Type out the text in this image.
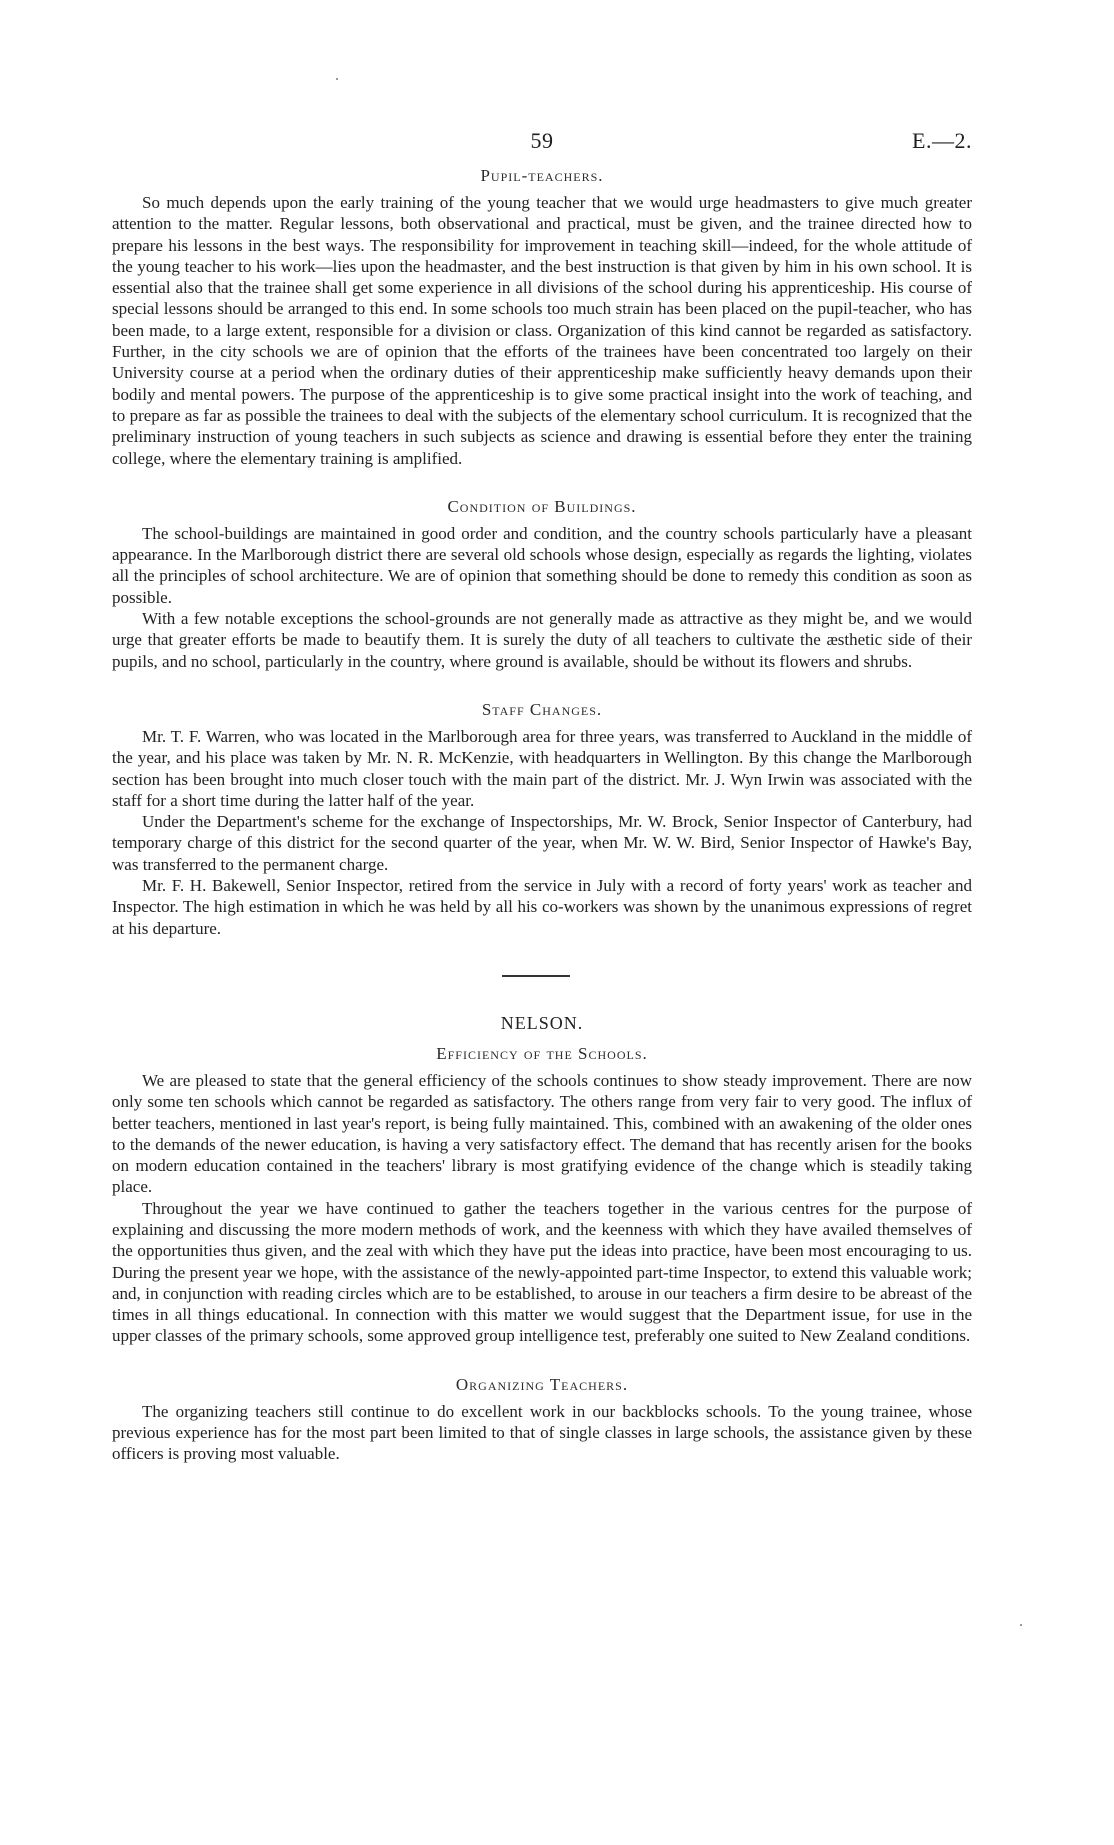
59	E.—2.
Pupil-teachers.

So much depends upon the early training of the young teacher that we would urge headmasters to give much greater attention to the matter. Regular lessons, both observational and practical, must be given, and the trainee directed how to prepare his lessons in the best ways. The responsibility for improvement in teaching skill—indeed, for the whole attitude of the young teacher to his work—lies upon the headmaster, and the best instruction is that given by him in his own school. It is essential also that the trainee shall get some experience in all divisions of the school during his apprenticeship. His course of special lessons should be arranged to this end. In some schools too much strain has been placed on the pupil-teacher, who has been made, to a large extent, responsible for a division or class. Organization of this kind cannot be regarded as satisfactory. Further, in the city schools we are of opinion that the efforts of the trainees have been concentrated too largely on their University course at a period when the ordinary duties of their apprenticeship make sufficiently heavy demands upon their bodily and mental powers. The purpose of the apprenticeship is to give some practical insight into the work of teaching, and to prepare as far as possible the trainees to deal with the subjects of the elementary school curriculum. It is recognized that the preliminary instruction of young teachers in such subjects as science and drawing is essential before they enter the training college, where the elementary training is amplified.

Condition of Buildings.

The school-buildings are maintained in good order and condition, and the country schools particularly have a pleasant appearance. In the Marlborough district there are several old schools whose design, especially as regards the lighting, violates all the principles of school architecture. We are of opinion that something should be done to remedy this condition as soon as possible.

With a few notable exceptions the school-grounds are not generally made as attractive as they might be, and we would urge that greater efforts be made to beautify them. It is surely the duty of all teachers to cultivate the æsthetic side of their pupils, and no school, particularly in the country, where ground is available, should be without its flowers and shrubs.

Staff Changes.

Mr. T. F. Warren, who was located in the Marlborough area for three years, was transferred to Auckland in the middle of the year, and his place was taken by Mr. N. R. McKenzie, with headquarters in Wellington. By this change the Marlborough section has been brought into much closer touch with the main part of the district. Mr. J. Wyn Irwin was associated with the staff for a short time during the latter half of the year.

Under the Department's scheme for the exchange of Inspectorships, Mr. W. Brock, Senior Inspector of Canterbury, had temporary charge of this district for the second quarter of the year, when Mr. W. W. Bird, Senior Inspector of Hawke's Bay, was transferred to the permanent charge.

Mr. F. H. Bakewell, Senior Inspector, retired from the service in July with a record of forty years' work as teacher and Inspector. The high estimation in which he was held by all his co-workers was shown by the unanimous expressions of regret at his departure.

NELSON.
Efficiency of the Schools.

We are pleased to state that the general efficiency of the schools continues to show steady improvement. There are now only some ten schools which cannot be regarded as satisfactory. The others range from very fair to very good. The influx of better teachers, mentioned in last year's report, is being fully maintained. This, combined with an awakening of the older ones to the demands of the newer education, is having a very satisfactory effect. The demand that has recently arisen for the books on modern education contained in the teachers' library is most gratifying evidence of the change which is steadily taking place.

Throughout the year we have continued to gather the teachers together in the various centres for the purpose of explaining and discussing the more modern methods of work, and the keenness with which they have availed themselves of the opportunities thus given, and the zeal with which they have put the ideas into practice, have been most encouraging to us. During the present year we hope, with the assistance of the newly-appointed part-time Inspector, to extend this valuable work; and, in conjunction with reading circles which are to be established, to arouse in our teachers a firm desire to be abreast of the times in all things educational. In connection with this matter we would suggest that the Department issue, for use in the upper classes of the primary schools, some approved group intelligence test, preferably one suited to New Zealand conditions.

Organizing Teachers.

The organizing teachers still continue to do excellent work in our backblocks schools. To the young trainee, whose previous experience has for the most part been limited to that of single classes in large schools, the assistance given by these officers is proving most valuable.
